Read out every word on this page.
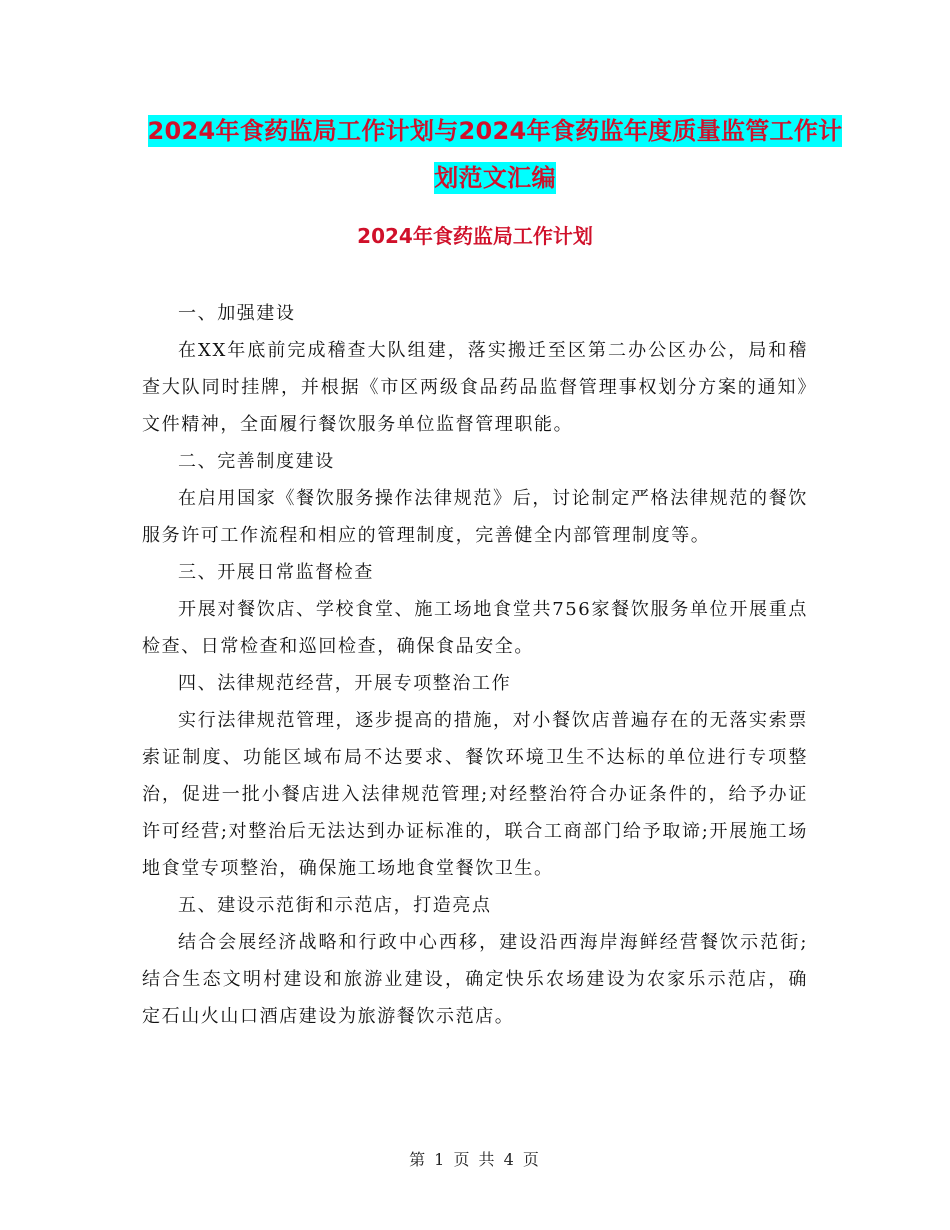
2024年食药监局工作计划与2024年食药监年度质量监管工作计划范文汇编
2024年食药监局工作计划

一、加强建设

在XX年底前完成稽查大队组建，落实搬迁至区第二办公区办公，局和稽查大队同时挂牌，并根据《市区两级食品药品监督管理事权划分方案的通知》文件精神，全面履行餐饮服务单位监督管理职能。

二、完善制度建设

在启用国家《餐饮服务操作法律规范》后，讨论制定严格法律规范的餐饮服务许可工作流程和相应的管理制度，完善健全内部管理制度等。

三、开展日常监督检查

开展对餐饮店、学校食堂、施工场地食堂共756家餐饮服务单位开展重点检查、日常检查和巡回检查，确保食品安全。

四、法律规范经营，开展专项整治工作

实行法律规范管理，逐步提高的措施，对小餐饮店普遍存在的无落实索票索证制度、功能区域布局不达要求、餐饮环境卫生不达标的单位进行专项整治，促进一批小餐店进入法律规范管理;对经整治符合办证条件的，给予办证许可经营;对整治后无法达到办证标准的，联合工商部门给予取谛;开展施工场地食堂专项整治，确保施工场地食堂餐饮卫生。

五、建设示范街和示范店，打造亮点

结合会展经济战略和行政中心西移，建设沿西海岸海鲜经营餐饮示范街;结合生态文明村建设和旅游业建设，确定快乐农场建设为农家乐示范店，确定石山火山口酒店建设为旅游餐饮示范店。

第 1 页 共 4 页
